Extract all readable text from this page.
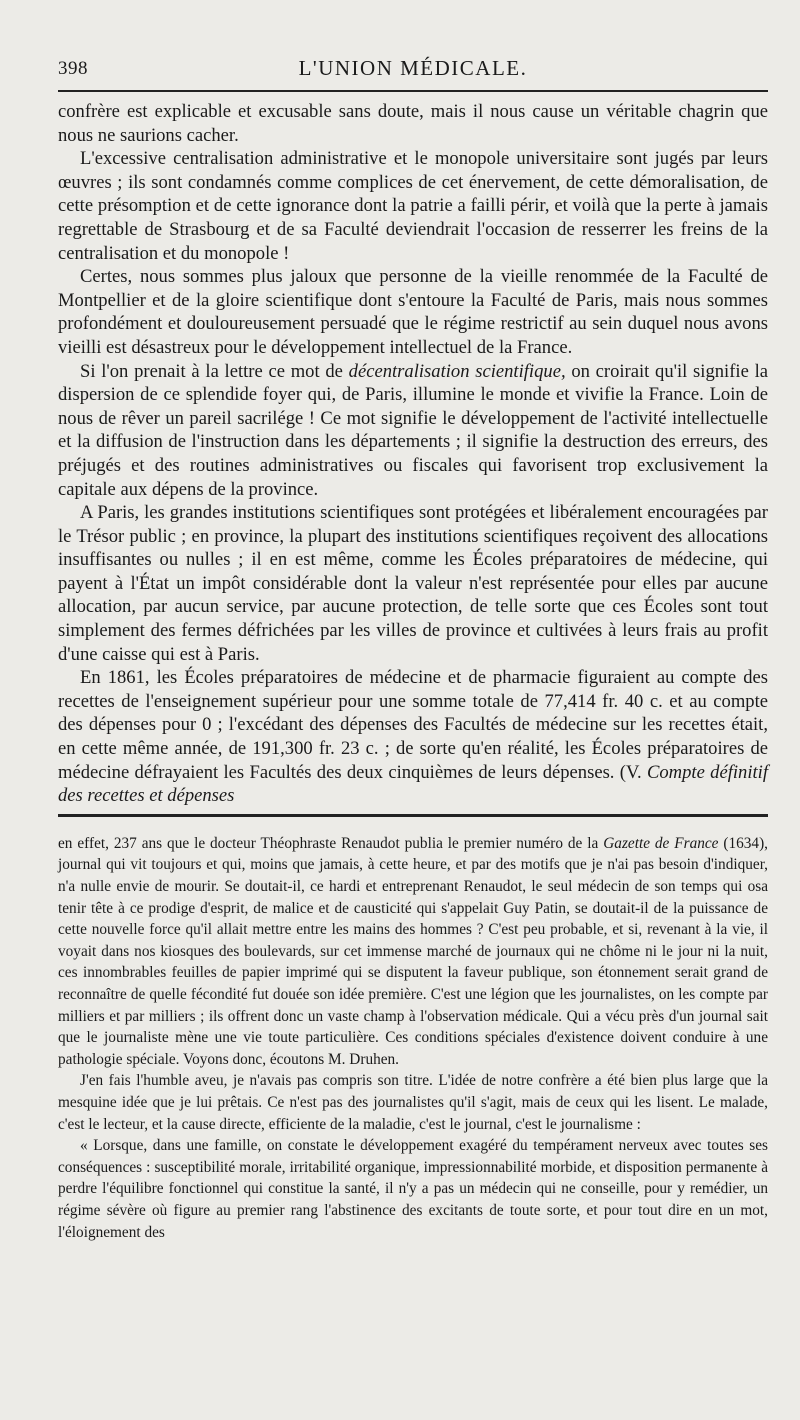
398	L'UNION MÉDICALE.

confrère est explicable et excusable sans doute, mais il nous cause un véritable chagrin que nous ne saurions cacher.

L'excessive centralisation administrative et le monopole universitaire sont jugés par leurs œuvres ; ils sont condamnés comme complices de cet énervement, de cette démoralisation, de cette présomption et de cette ignorance dont la patrie a failli périr, et voilà que la perte à jamais regrettable de Strasbourg et de sa Faculté deviendrait l'occasion de resserrer les freins de la centralisation et du monopole !

Certes, nous sommes plus jaloux que personne de la vieille renommée de la Faculté de Montpellier et de la gloire scientifique dont s'entoure la Faculté de Paris, mais nous sommes profondément et douloureusement persuadé que le régime restrictif au sein duquel nous avons vieilli est désastreux pour le développement intellectuel de la France.

Si l'on prenait à la lettre ce mot de décentralisation scientifique, on croirait qu'il signifie la dispersion de ce splendide foyer qui, de Paris, illumine le monde et vivifie la France. Loin de nous de rêver un pareil sacrilége ! Ce mot signifie le développement de l'activité intellectuelle et la diffusion de l'instruction dans les départements ; il signifie la destruction des erreurs, des préjugés et des routines administratives ou fiscales qui favorisent trop exclusivement la capitale aux dépens de la province.

A Paris, les grandes institutions scientifiques sont protégées et libéralement encouragées par le Trésor public ; en province, la plupart des institutions scientifiques reçoivent des allocations insuffisantes ou nulles ; il en est même, comme les Écoles préparatoires de médecine, qui payent à l'État un impôt considérable dont la valeur n'est représentée pour elles par aucune allocation, par aucun service, par aucune protection, de telle sorte que ces Écoles sont tout simplement des fermes défrichées par les villes de province et cultivées à leurs frais au profit d'une caisse qui est à Paris.

En 1861, les Écoles préparatoires de médecine et de pharmacie figuraient au compte des recettes de l'enseignement supérieur pour une somme totale de 77,414 fr. 40 c. et au compte des dépenses pour 0 ; l'excédant des dépenses des Facultés de médecine sur les recettes était, en cette même année, de 191,300 fr. 23 c. ; de sorte qu'en réalité, les Écoles préparatoires de médecine défrayaient les Facultés des deux cinquièmes de leurs dépenses. (V. Compte définitif des recettes et dépenses

en effet, 237 ans que le docteur Théophraste Renaudot publia le premier numéro de la Gazette de France (1634), journal qui vit toujours et qui, moins que jamais, à cette heure, et par des motifs que je n'ai pas besoin d'indiquer, n'a nulle envie de mourir. Se doutait-il, ce hardi et entreprenant Renaudot, le seul médecin de son temps qui osa tenir tête à ce prodige d'esprit, de malice et de causticité qui s'appelait Guy Patin, se doutait-il de la puissance de cette nouvelle force qu'il allait mettre entre les mains des hommes ? C'est peu probable, et si, revenant à la vie, il voyait dans nos kiosques des boulevards, sur cet immense marché de journaux qui ne chôme ni le jour ni la nuit, ces innombrables feuilles de papier imprimé qui se disputent la faveur publique, son étonnement serait grand de reconnaître de quelle fécondité fut douée son idée première. C'est une légion que les journalistes, on les compte par milliers et par milliers ; ils offrent donc un vaste champ à l'observation médicale. Qui a vécu près d'un journal sait que le journaliste mène une vie toute particulière. Ces conditions spéciales d'existence doivent conduire à une pathologie spéciale. Voyons donc, écoutons M. Druhen.

J'en fais l'humble aveu, je n'avais pas compris son titre. L'idée de notre confrère a été bien plus large que la mesquine idée que je lui prêtais. Ce n'est pas des journalistes qu'il s'agit, mais de ceux qui les lisent. Le malade, c'est le lecteur, et la cause directe, efficiente de la maladie, c'est le journal, c'est le journalisme :

« Lorsque, dans une famille, on constate le développement exagéré du tempérament nerveux avec toutes ses conséquences : susceptibilité morale, irritabilité organique, impressionnabilité morbide, et disposition permanente à perdre l'équilibre fonctionnel qui constitue la santé, il n'y a pas un médecin qui ne conseille, pour y remédier, un régime sévère où figure au premier rang l'abstinence des excitants de toute sorte, et pour tout dire en un mot, l'éloignement des
